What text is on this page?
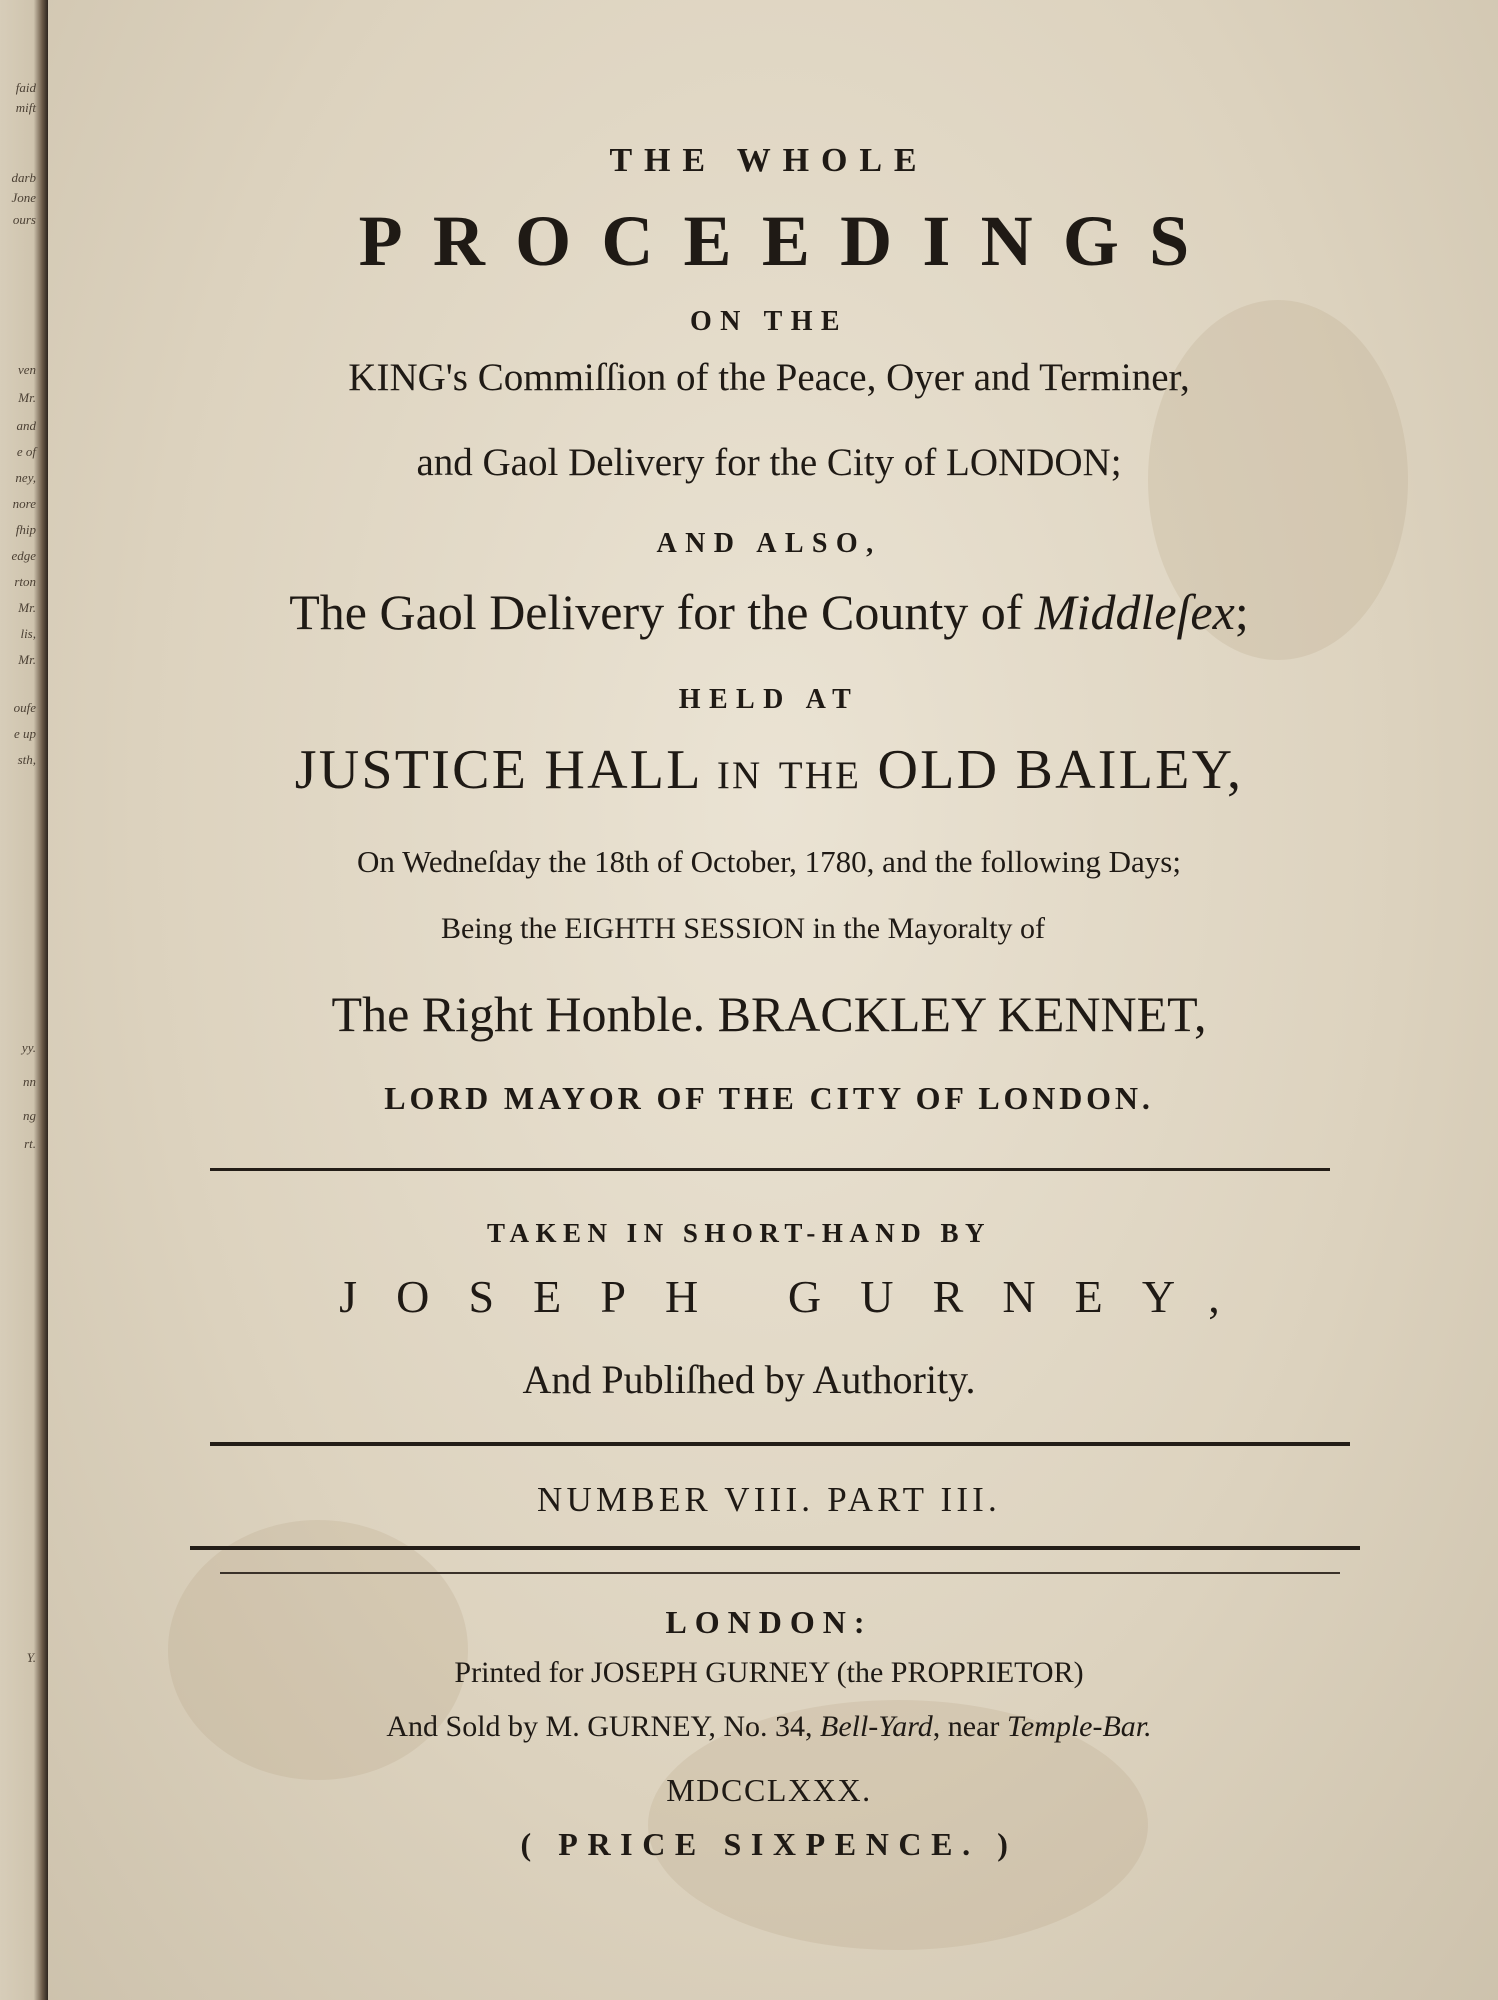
faid
mift
darb
Jone
ours
ven
Mr.
and
e of
ney,
nore
fhip
edge
rton
Mr.
lis,
Mr.
oufe
e up
sth,
yy.
nn
ng
rt.
Y.
THE WHOLE
PROCEEDINGS
ON THE
KING's Commiſſion of the Peace, Oyer and Terminer,
and Gaol Delivery for the City of LONDON;
AND ALSO,
The Gaol Delivery for the County of Middleſex;
HELD AT
JUSTICE HALL in the OLD BAILEY,
On Wedneſday the 18th of October, 1780, and the following Days;
Being the EIGHTH SESSION in the Mayoralty of
The Right Honble. BRACKLEY KENNET,
LORD MAYOR OF THE CITY OF LONDON.
TAKEN IN SHORT-HAND BY
JOSEPH GURNEY,
And Publiſhed by Authority.
NUMBER VIII. PART III.
LONDON:
Printed for JOSEPH GURNEY (the PROPRIETOR)
And Sold by M. GURNEY, No. 34, Bell-Yard, near Temple-Bar.
MDCCLXXX.
( PRICE SIXPENCE. )
